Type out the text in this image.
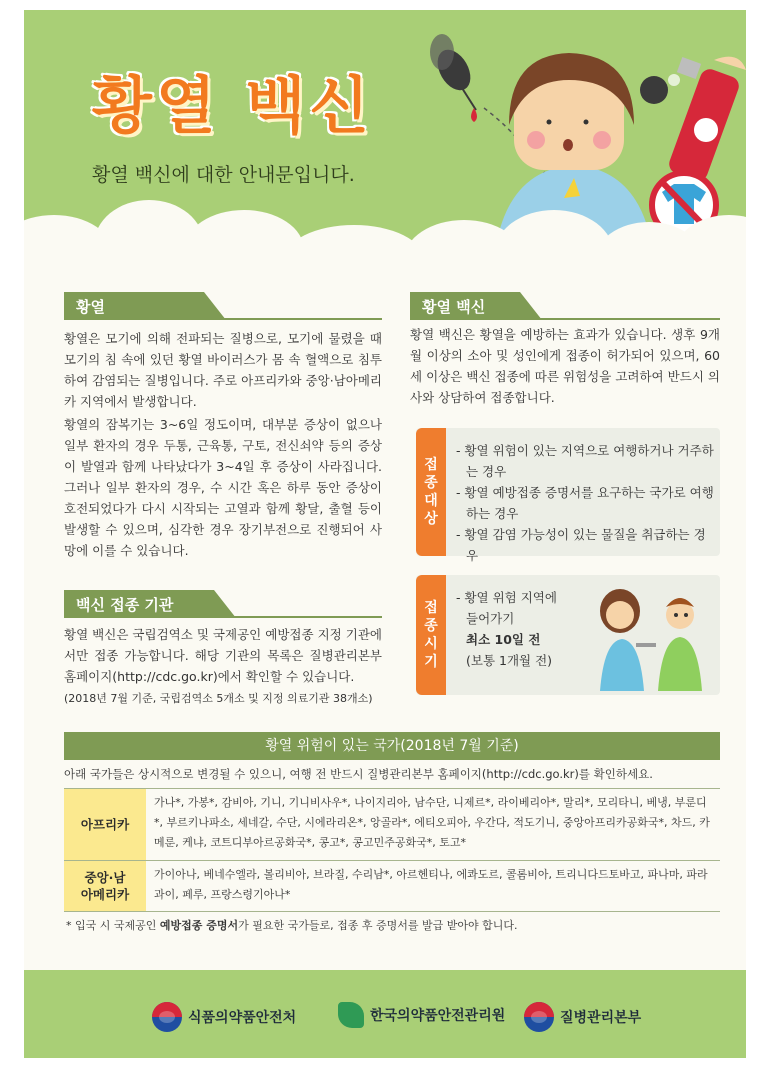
황열 백신
황열 백신에 대한 안내문입니다.
황열
황열은 모기에 의해 전파되는 질병으로, 모기에 물렸을 때 모기의 침 속에 있던 황열 바이러스가 몸 속 혈액으로 침투하여 감염되는 질병입니다. 주로 아프리카와 중앙·남아메리카 지역에서 발생합니다.
황열의 잠복기는 3~6일 정도이며, 대부분 증상이 없으나 일부 환자의 경우 두통, 근육통, 구토, 전신쇠약 등의 증상이 발열과 함께 나타났다가 3~4일 후 증상이 사라집니다. 그러나 일부 환자의 경우, 수 시간 혹은 하루 동안 증상이 호전되었다가 다시 시작되는 고열과 함께 황달, 출혈 등이 발생할 수 있으며, 심각한 경우 장기부전으로 진행되어 사망에 이를 수 있습니다.
백신 접종 기관
황열 백신은 국립검역소 및 국제공인 예방접종 지정 기관에서만 접종 가능합니다. 해당 기관의 목록은 질병관리본부 홈페이지(http://cdc.go.kr)에서 확인할 수 있습니다.
(2018년 7월 기준, 국립검역소 5개소 및 지정 의료기관 38개소)
황열 백신
황열 백신은 황열을 예방하는 효과가 있습니다. 생후 9개월 이상의 소아 및 성인에게 접종이 허가되어 있으며, 60세 이상은 백신 접종에 따른 위험성을 고려하여 반드시 의사와 상담하여 접종합니다.
접
종
대
상
- 황열 위험이 있는 지역으로 여행하거나 거주하는 경우
- 황열 예방접종 증명서를 요구하는 국가로 여행하는 경우
- 황열 감염 가능성이 있는 물질을 취급하는 경우
접
종
시
기
- 황열 위험 지역에
들어가기
최소 10일 전
(보통 1개월 전)
황열 위험이 있는 국가(2018년 7월 기준)
아래 국가들은 상시적으로 변경될 수 있으니, 여행 전 반드시 질병관리본부 홈페이지(http://cdc.go.kr)를 확인하세요.
아프리카
가나*, 가봉*, 감비아, 기니, 기니비사우*, 나이지리아, 남수단, 니제르*, 라이베리아*, 말리*, 모리타니, 베냉, 부룬디*, 부르키나파소, 세네갈, 수단, 시에라리온*, 앙골라*, 에티오피아, 우간다, 적도기니, 중앙아프리카공화국*, 차드, 카메룬, 케냐, 코트디부아르공화국*, 콩고*, 콩고민주공화국*, 토고*
중앙·남
아메리카
가이아나, 베네수엘라, 볼리비아, 브라질, 수리남*, 아르헨티나, 에콰도르, 콜롬비아, 트리니다드토바고, 파나마, 파라과이, 페루, 프랑스령기아나*
* 입국 시 국제공인 예방접종 증명서가 필요한 국가들로, 접종 후 증명서를 발급 받아야 합니다.
식품의약품안전처	한국의약품안전관리원	질병관리본부
